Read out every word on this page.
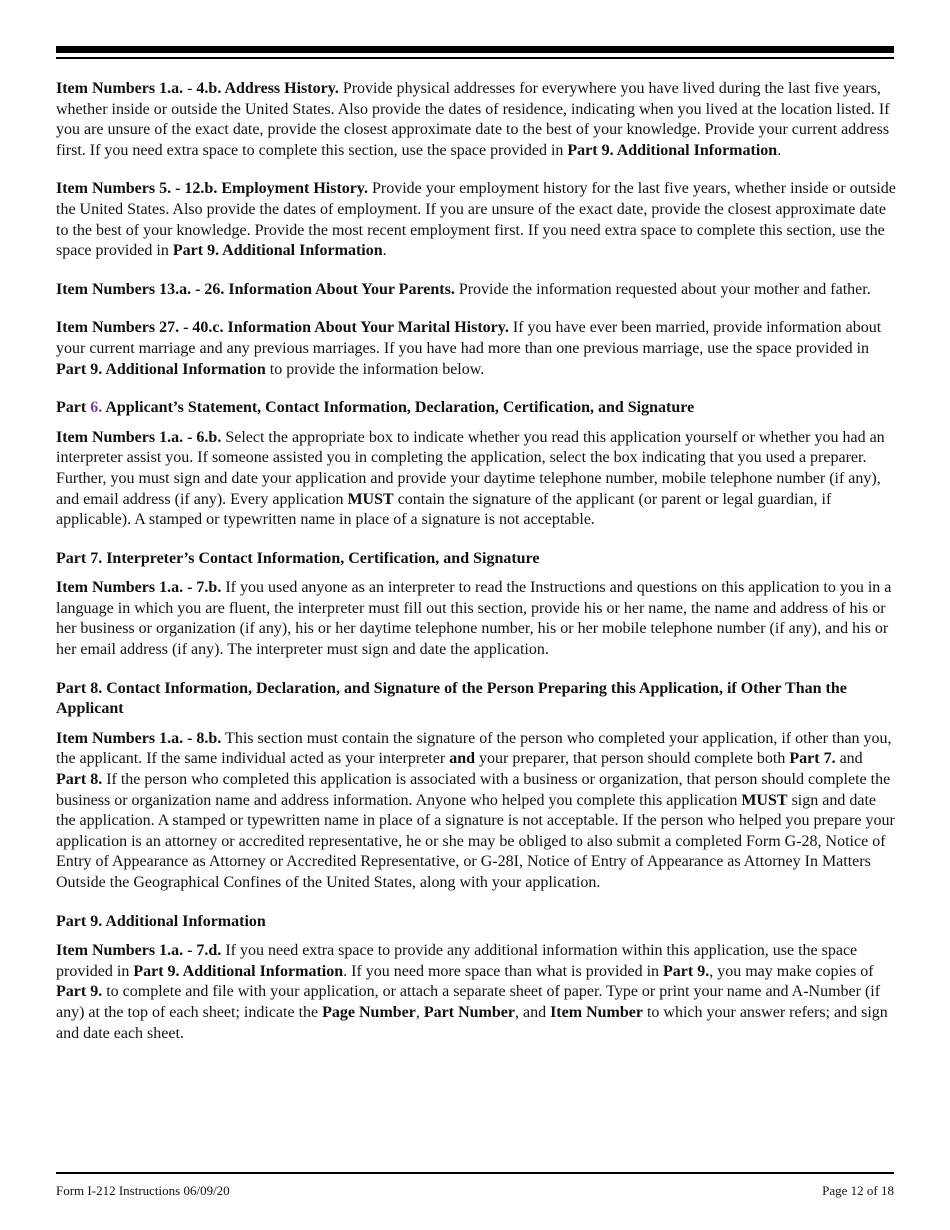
Item Numbers 1.a. - 4.b. Address History. Provide physical addresses for everywhere you have lived during the last five years, whether inside or outside the United States. Also provide the dates of residence, indicating when you lived at the location listed. If you are unsure of the exact date, provide the closest approximate date to the best of your knowledge. Provide your current address first. If you need extra space to complete this section, use the space provided in Part 9. Additional Information.

Item Numbers 5. - 12.b. Employment History. Provide your employment history for the last five years, whether inside or outside the United States. Also provide the dates of employment. If you are unsure of the exact date, provide the closest approximate date to the best of your knowledge. Provide the most recent employment first. If you need extra space to complete this section, use the space provided in Part 9. Additional Information.

Item Numbers 13.a. - 26. Information About Your Parents. Provide the information requested about your mother and father.

Item Numbers 27. - 40.c. Information About Your Marital History. If you have ever been married, provide information about your current marriage and any previous marriages. If you have had more than one previous marriage, use the space provided in Part 9. Additional Information to provide the information below.

Part 6. Applicant’s Statement, Contact Information, Declaration, Certification, and Signature

Item Numbers 1.a. - 6.b. Select the appropriate box to indicate whether you read this application yourself or whether you had an interpreter assist you. If someone assisted you in completing the application, select the box indicating that you used a preparer. Further, you must sign and date your application and provide your daytime telephone number, mobile telephone number (if any), and email address (if any). Every application MUST contain the signature of the applicant (or parent or legal guardian, if applicable). A stamped or typewritten name in place of a signature is not acceptable.

Part 7. Interpreter’s Contact Information, Certification, and Signature

Item Numbers 1.a. - 7.b. If you used anyone as an interpreter to read the Instructions and questions on this application to you in a language in which you are fluent, the interpreter must fill out this section, provide his or her name, the name and address of his or her business or organization (if any), his or her daytime telephone number, his or her mobile telephone number (if any), and his or her email address (if any). The interpreter must sign and date the application.

Part 8. Contact Information, Declaration, and Signature of the Person Preparing this Application, if Other Than the Applicant

Item Numbers 1.a. - 8.b. This section must contain the signature of the person who completed your application, if other than you, the applicant. If the same individual acted as your interpreter and your preparer, that person should complete both Part 7. and Part 8. If the person who completed this application is associated with a business or organization, that person should complete the business or organization name and address information. Anyone who helped you complete this application MUST sign and date the application. A stamped or typewritten name in place of a signature is not acceptable. If the person who helped you prepare your application is an attorney or accredited representative, he or she may be obliged to also submit a completed Form G-28, Notice of Entry of Appearance as Attorney or Accredited Representative, or G-28I, Notice of Entry of Appearance as Attorney In Matters Outside the Geographical Confines of the United States, along with your application.

Part 9. Additional Information

Item Numbers 1.a. - 7.d. If you need extra space to provide any additional information within this application, use the space provided in Part 9. Additional Information. If you need more space than what is provided in Part 9., you may make copies of Part 9. to complete and file with your application, or attach a separate sheet of paper. Type or print your name and A-Number (if any) at the top of each sheet; indicate the Page Number, Part Number, and Item Number to which your answer refers; and sign and date each sheet.

Form I-212 Instructions 06/09/20	Page 12 of 18
